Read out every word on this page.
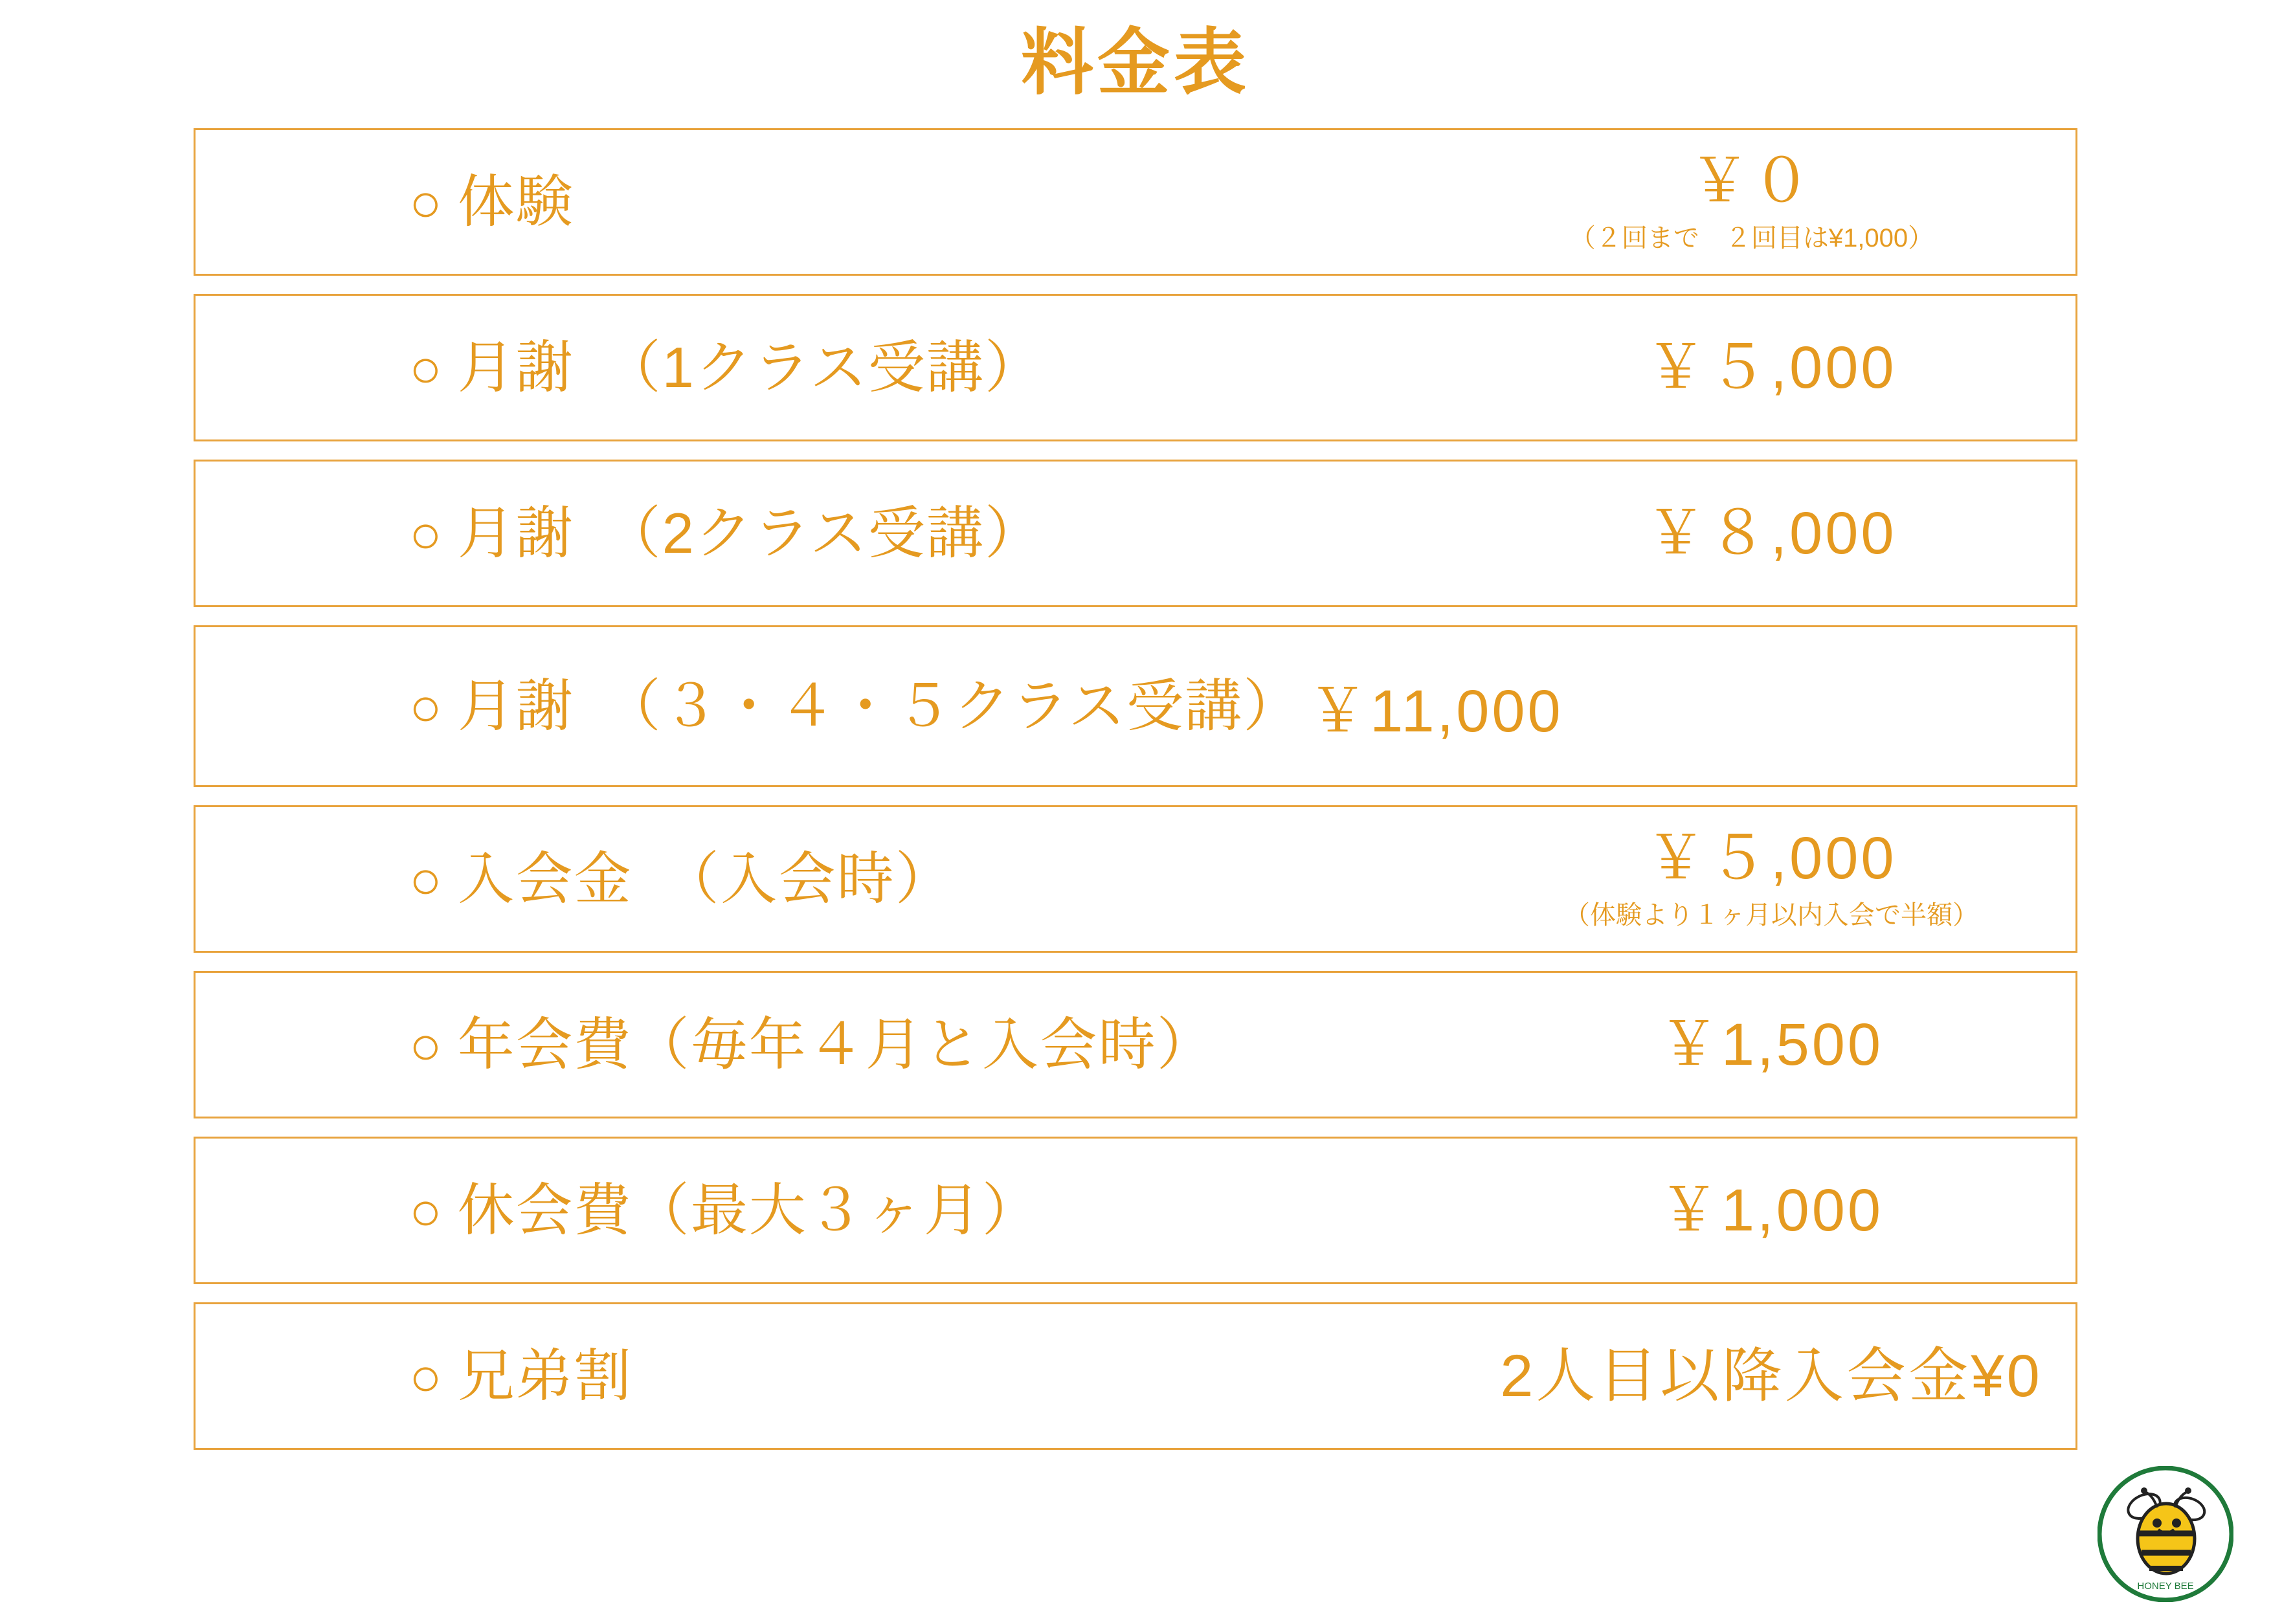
料金表
○ 体験	￥０
（２回まで　２回目は¥1,000）
○ 月謝　（1クラス受講）	￥５,000
○ 月謝　（2クラス受講）	￥８,000
○ 月謝　（３・４・５クラス受講） ￥11,000
○ 入会金　（入会時）	￥５,000
（体験より１ヶ月以内入会で半額）
○ 年会費（毎年４月と入会時）	￥1,500
○ 休会費（最大３ヶ月）	￥1,000
○ 兄弟割	2人目以降入会金¥0
HONEY BEE
